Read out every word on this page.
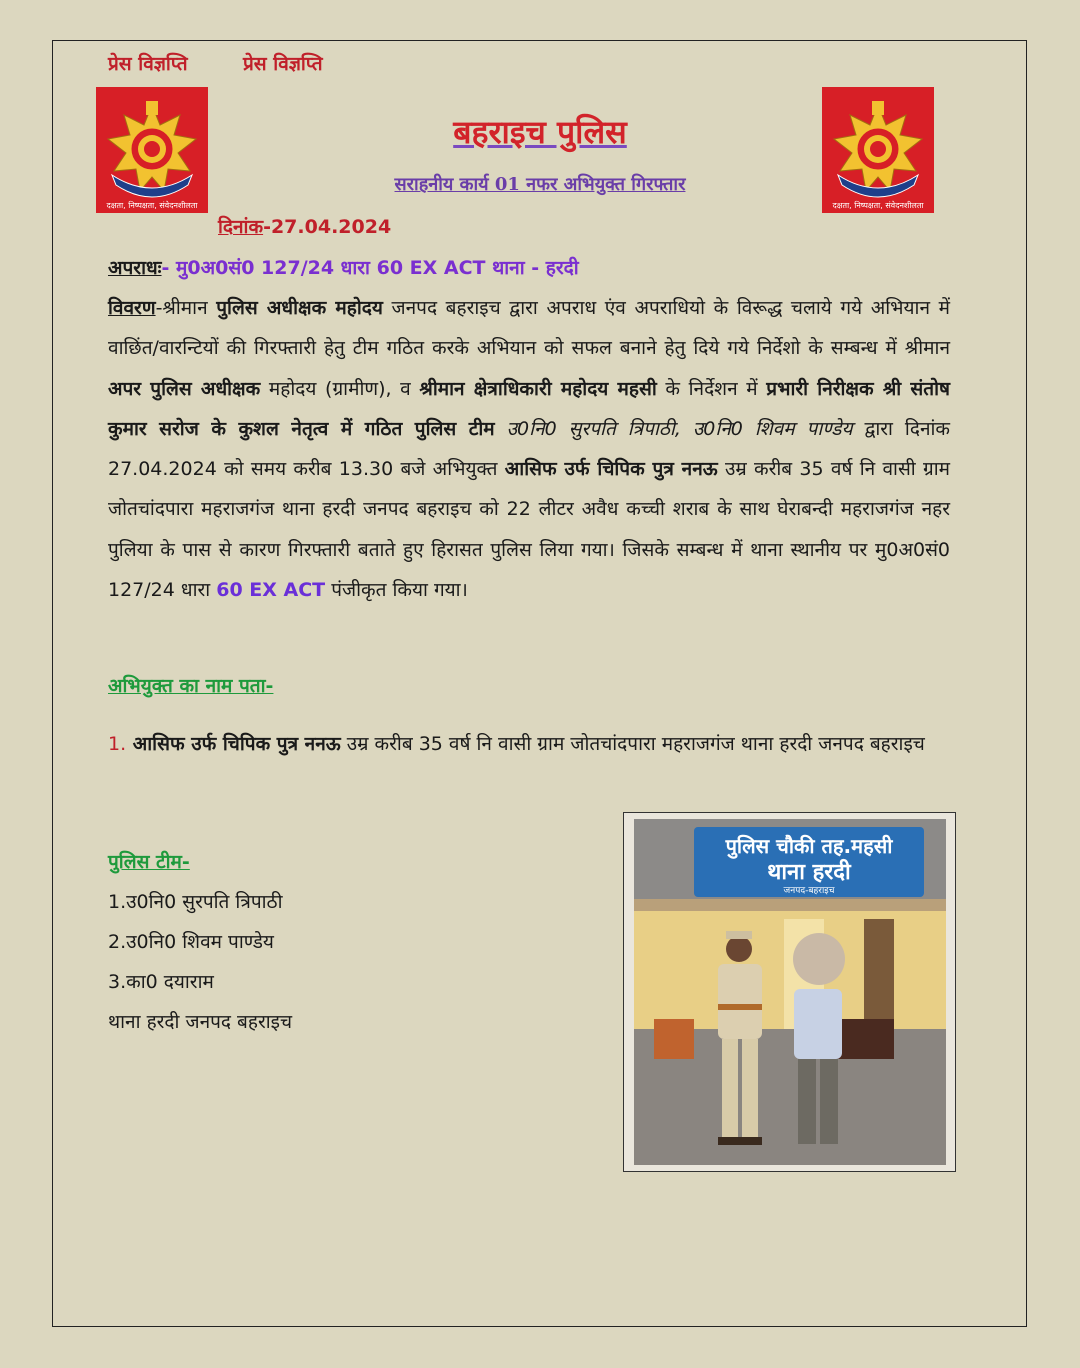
प्रेस विज्ञप्ति	प्रेस विज्ञप्ति
दक्षता, निष्पक्षता, संवेदनशीलता	दक्षता, निष्पक्षता, संवेदनशीलता
बहराइच पुलिस
सराहनीय कार्य 01 नफर अभियुक्त गिरफ्तार
दिनांक-27.04.2024
अपराधः- मु0अ0सं0 127/24 धारा 60 EX ACT थाना - हरदी
विवरण-श्रीमान पुलिस अधीक्षक महोदय जनपद बहराइच द्वारा अपराध एंव अपराधियो के विरूद्ध चलाये गये अभियान में वाछिंत/वारन्टियों की गिरफ्तारी हेतु टीम गठित करके अभियान को सफल बनाने हेतु दिये गये निर्देशो के सम्बन्ध में श्रीमान अपर पुलिस अधीक्षक महोदय (ग्रामीण), व श्रीमान क्षेत्राधिकारी महोदय महसी के निर्देशन में प्रभारी निरीक्षक श्री संतोष कुमार सरोज के कुशल नेतृत्व में गठित पुलिस टीम उ0नि0 सुरपति त्रिपाठी, उ0नि0 शिवम पाण्डेय द्वारा दिनांक 27.04.2024 को समय करीब 13.30 बजे अभियुक्त आसिफ उर्फ चिपिक पुत्र ननऊ उम्र करीब 35 वर्ष नि वासी ग्राम जोतचांदपारा महराजगंज थाना हरदी जनपद बहराइच को 22 लीटर अवैध कच्ची शराब के साथ घेराबन्दी महराजगंज नहर पुलिया के पास से कारण गिरफ्तारी बताते हुए हिरासत पुलिस लिया गया। जिसके सम्बन्ध में थाना स्थानीय पर मु0अ0सं0 127/24 धारा 60 EX ACT पंजीकृत किया गया।
अभियुक्त का नाम पता-
1. आसिफ उर्फ चिपिक पुत्र ननऊ उम्र करीब 35 वर्ष नि वासी ग्राम जोतचांदपारा महराजगंज थाना हरदी जनपद बहराइच
पुलिस टीम-
1.उ0नि0 सुरपति त्रिपाठी
2.उ0नि0 शिवम पाण्डेय
3.का0 दयाराम
थाना हरदी जनपद बहराइच
पुलिस चौकी तह.महसी
थाना हरदी
जनपद-बहराइच
